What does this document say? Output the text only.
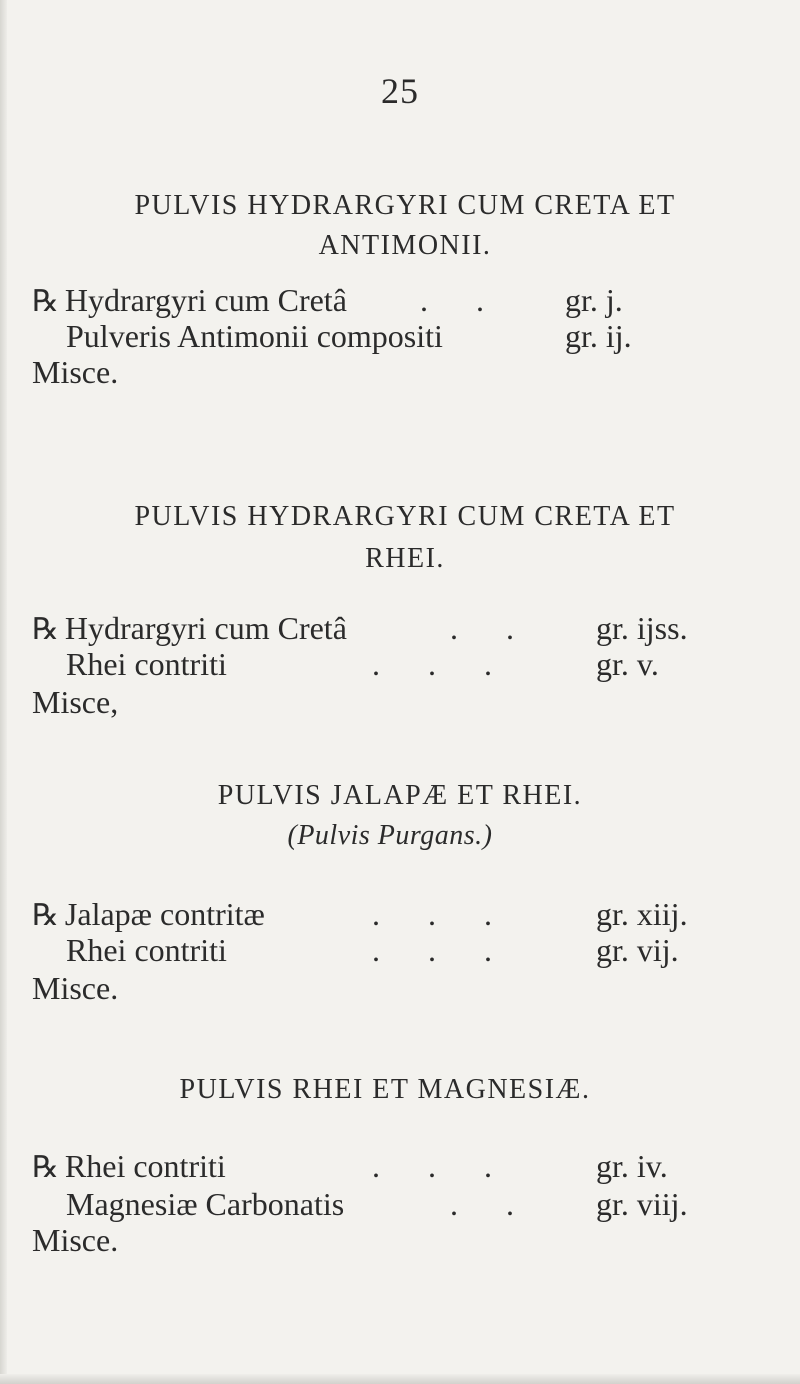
25
PULVIS HYDRARGYRI CUM CRETA ET
ANTIMONII.
℞ Hydrargyri cum Cretâ .      .	gr. j.
Pulveris Antimonii compositi	gr. ij.
Misce.
PULVIS HYDRARGYRI CUM CRETA ET
RHEI.
℞ Hydrargyri cum Cretâ	.      .	gr. ijss.
Rhei contriti	.      .      .	gr. v.
Misce,
PULVIS JALAPÆ ET RHEI.
(Pulvis Purgans.)
℞ Jalapæ contritæ	.      .      .	gr. xiij.
Rhei contriti	.      .      .	gr. vij.
Misce.
PULVIS RHEI ET MAGNESIÆ.
℞ Rhei contriti	.      .      .	gr. iv.
Magnesiæ Carbonatis	.      .	gr. viij.
Misce.
